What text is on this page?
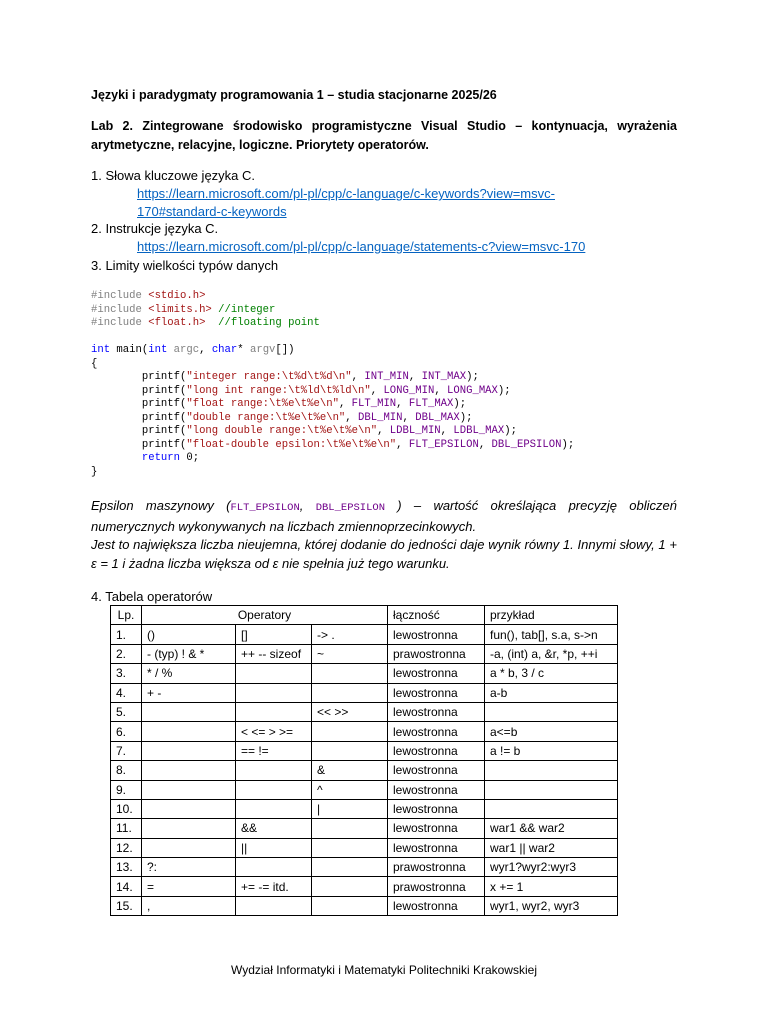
Języki i paradygmaty programowania 1 – studia stacjonarne 2025/26
Lab 2. Zintegrowane środowisko programistyczne Visual Studio – kontynuacja, wyrażenia arytmetyczne, relacyjne, logiczne. Priorytety operatorów.
1. Słowa kluczowe języka C.
https://learn.microsoft.com/pl-pl/cpp/c-language/c-keywords?view=msvc-
170#standard-c-keywords
2. Instrukcje języka C.
https://learn.microsoft.com/pl-pl/cpp/c-language/statements-c?view=msvc-170
3. Limity wielkości typów danych
#include <stdio.h>
#include <limits.h> //integer
#include <float.h> //floating point

int main(int argc, char* argv[])
{
printf("integer range:\t%d\t%d\n", INT_MIN, INT_MAX);
printf("long int range:\t%ld\t%ld\n", LONG_MIN, LONG_MAX);
printf("float range:\t%e\t%e\n", FLT_MIN, FLT_MAX);
printf("double range:\t%e\t%e\n", DBL_MIN, DBL_MAX);
printf("long double range:\t%e\t%e\n", LDBL_MIN, LDBL_MAX);
printf("float-double epsilon:\t%e\t%e\n", FLT_EPSILON, DBL_EPSILON);
return 0;
}

Epsilon maszynowy (FLT_EPSILON, DBL_EPSILON ) – wartość określająca precyzję obliczeń numerycznych wykonywanych na liczbach zmiennoprzecinkowych.

Jest to największa liczba nieujemna, której dodanie do jedności daje wynik równy 1. Innymi słowy, 1 + ε = 1 i żadna liczba większa od ε nie spełnia już tego warunku.

4. Tabela operatorów
Lp.	Operatory			łączność	przykład
1.	()	[]	-> .	lewostronna	fun(), tab[], s.a, s->n
2.	- (typ) ! & *	++ -- sizeof	~	prawostronna	-a, (int) a, &r, *p, ++i
3.	* / %			lewostronna	a * b, 3 / c
4.	+ -			lewostronna	a-b
5.			<< >>	lewostronna	
6.		< <= > >=		lewostronna	a<=b
7.		== !=		lewostronna	a != b
8.			&	lewostronna	
9.			^	lewostronna	
10.			|	lewostronna	
11.		&&		lewostronna	war1 && war2
12.		||		lewostronna	war1 || war2
13.	?:			prawostronna	wyr1?wyr2:wyr3
14.	=	+= -= itd.		prawostronna	x += 1
15.	,			lewostronna	wyr1, wyr2, wyr3
Wydział Informatyki i Matematyki Politechniki Krakowskiej
